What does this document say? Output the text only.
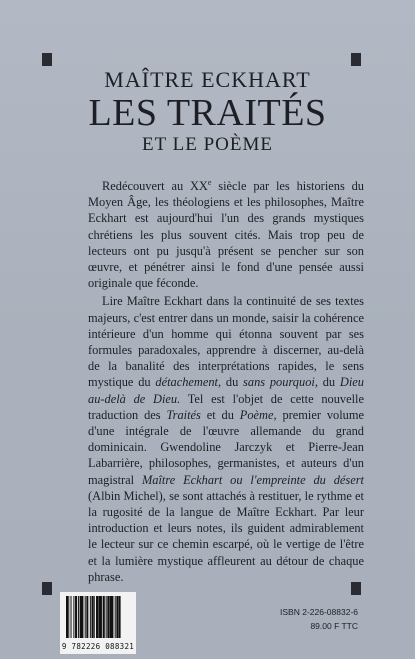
MAÎTRE ECKHART
LES TRAITÉS
ET LE POÈME

Redécouvert au XXe siècle par les historiens du Moyen Âge, les théologiens et les philosophes, Maître Eckhart est aujourd'hui l'un des grands mystiques chrétiens les plus souvent cités. Mais trop peu de lecteurs ont pu jusqu'à présent se pencher sur son œuvre, et pénétrer ainsi le fond d'une pensée aussi originale que féconde.

Lire Maître Eckhart dans la continuité de ses textes majeurs, c'est entrer dans un monde, saisir la cohérence intérieure d'un homme qui étonna souvent par ses formules paradoxales, apprendre à discerner, au-delà de la banalité des interprétations rapides, le sens mystique du détachement, du sans pourquoi, du Dieu au-delà de Dieu. Tel est l'objet de cette nouvelle traduction des Traités et du Poème, premier volume d'une intégrale de l'œuvre allemande du grand dominicain. Gwendoline Jarczyk et Pierre-Jean Labarrière, philosophes, germanistes, et auteurs d'un magistral Maître Eckhart ou l'empreinte du désert (Albin Michel), se sont attachés à restituer, le rythme et la rugosité de la langue de Maître Eckhart. Par leur introduction et leurs notes, ils guident admirablement le lecteur sur ce chemin escarpé, où le vertige de l'être et la lumière mystique affleurent au détour de chaque phrase.

9 782226 088321
ISBN 2-226-08832-6
89.00 F TTC
